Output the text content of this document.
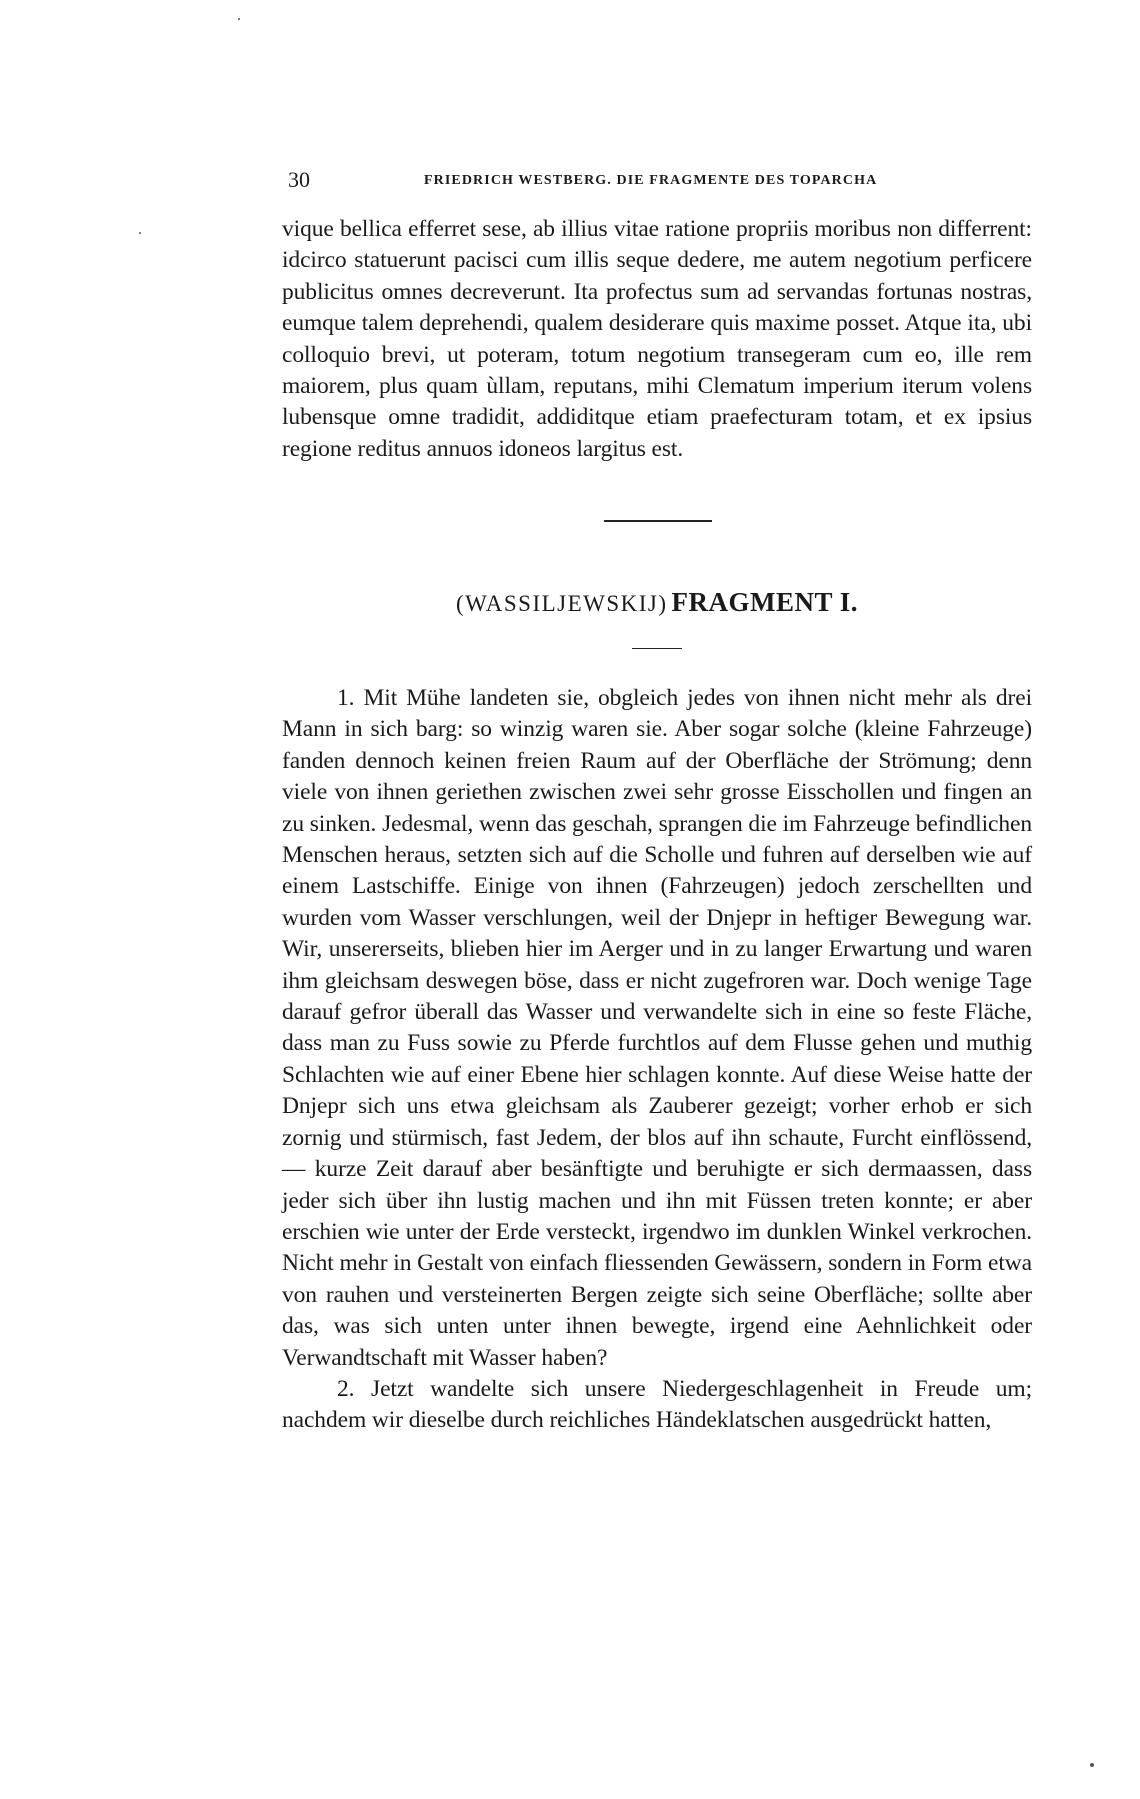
30	FRIEDRICH WESTBERG. DIE FRAGMENTE DES TOPARCHA

vique bellica efferret sese, ab illius vitae ratione propriis moribus non differrent: idcirco statuerunt pacisci cum illis seque dedere, me autem negotium perficere publicitus omnes decreverunt. Ita profectus sum ad servandas fortunas nostras, eumque talem deprehendi, qualem desiderare quis maxime posset. Atque ita, ubi colloquio brevi, ut poteram, totum negotium transegeram cum eo, ille rem maiorem, plus quam ùllam, reputans, mihi Clematum imperium iterum volens lubensque omne tradidit, addiditque etiam praefecturam totam, et ex ipsius regione reditus annuos idoneos largitus est.

(WASSILJEWSKIJ) FRAGMENT I.

1. Mit Mühe landeten sie, obgleich jedes von ihnen nicht mehr als drei Mann in sich barg: so winzig waren sie. Aber sogar solche (kleine Fahrzeuge) fanden dennoch keinen freien Raum auf der Oberfläche der Strömung; denn viele von ihnen geriethen zwischen zwei sehr grosse Eisschollen und fingen an zu sinken. Jedesmal, wenn das geschah, sprangen die im Fahrzeuge befindlichen Menschen heraus, setzten sich auf die Scholle und fuhren auf derselben wie auf einem Lastschiffe. Einige von ihnen (Fahrzeugen) jedoch zerschellten und wurden vom Wasser verschlungen, weil der Dnjepr in heftiger Bewegung war. Wir, unsererseits, blieben hier im Aerger und in zu langer Erwartung und waren ihm gleichsam deswegen böse, dass er nicht zugefroren war. Doch wenige Tage darauf gefror überall das Wasser und verwandelte sich in eine so feste Fläche, dass man zu Fuss sowie zu Pferde furchtlos auf dem Flusse gehen und muthig Schlachten wie auf einer Ebene hier schlagen konnte. Auf diese Weise hatte der Dnjepr sich uns etwa gleichsam als Zauberer gezeigt; vorher erhob er sich zornig und stürmisch, fast Jedem, der blos auf ihn schaute, Furcht einflössend, — kurze Zeit darauf aber besänftigte und beruhigte er sich dermaassen, dass jeder sich über ihn lustig machen und ihn mit Füssen treten konnte; er aber erschien wie unter der Erde versteckt, irgendwo im dunklen Winkel verkrochen. Nicht mehr in Gestalt von einfach fliessenden Gewässern, sondern in Form etwa von rauhen und versteinerten Bergen zeigte sich seine Oberfläche; sollte aber das, was sich unten unter ihnen bewegte, irgend eine Aehnlichkeit oder Verwandtschaft mit Wasser haben?

2. Jetzt wandelte sich unsere Niedergeschlagenheit in Freude um; nachdem wir dieselbe durch reichliches Händeklatschen ausgedrückt hatten,
